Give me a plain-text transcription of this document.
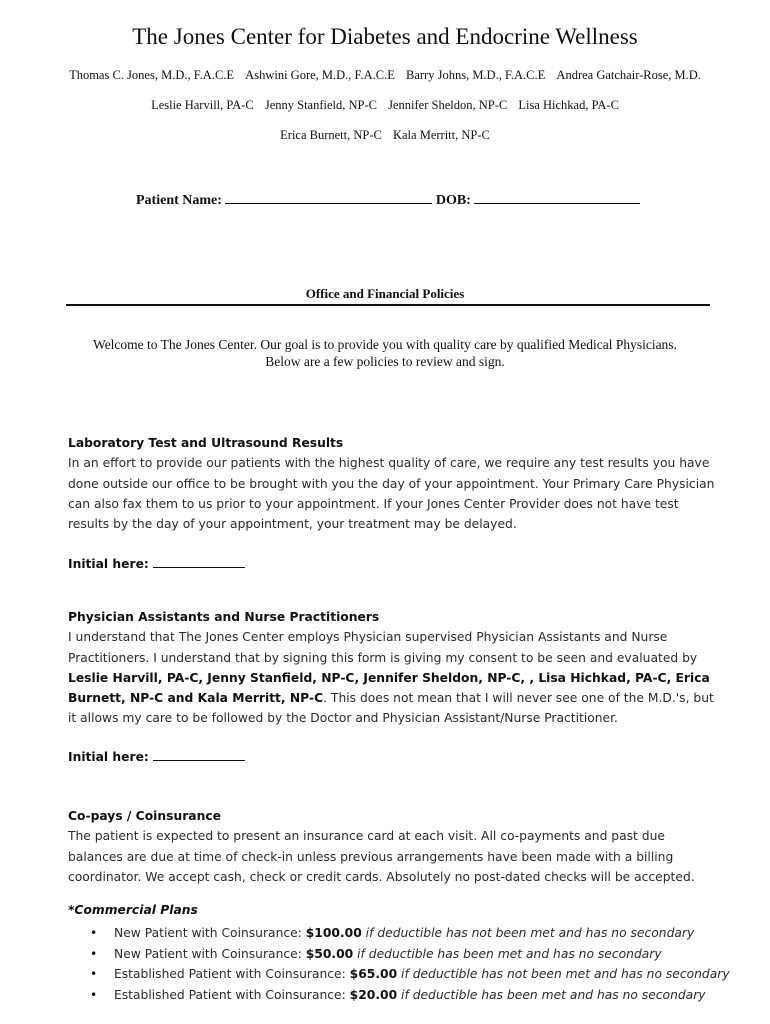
The Jones Center for Diabetes and Endocrine Wellness
Thomas C. Jones, M.D., F.A.C.E Ashwini Gore, M.D., F.A.C.E Barry Johns, M.D., F.A.C.E Andrea Gatchair-Rose, M.D.
Leslie Harvill, PA-C Jenny Stanfield, NP-C Jennifer Sheldon, NP-C Lisa Hichkad, PA-C
Erica Burnett, NP-C Kala Merritt, NP-C
Patient Name:	DOB:
Office and Financial Policies
Welcome to The Jones Center. Our goal is to provide you with quality care by qualified Medical Physicians.
Below are a few policies to review and sign.
Laboratory Test and Ultrasound Results

In an effort to provide our patients with the highest quality of care, we require any test results you have done outside our office to be brought with you the day of your appointment. Your Primary Care Physician can also fax them to us prior to your appointment. If your Jones Center Provider does not have test results by the day of your appointment, your treatment may be delayed.

Initial here:
Physician Assistants and Nurse Practitioners

I understand that The Jones Center employs Physician supervised Physician Assistants and Nurse Practitioners. I understand that by signing this form is giving my consent to be seen and evaluated by Leslie Harvill, PA-C, Jenny Stanfield, NP-C, Jennifer Sheldon, NP-C, , Lisa Hichkad, PA-C, Erica Burnett, NP-C and Kala Merritt, NP-C. This does not mean that I will never see one of the M.D.'s, but it allows my care to be followed by the Doctor and Physician Assistant/Nurse Practitioner.

Initial here:
Co-pays / Coinsurance

The patient is expected to present an insurance card at each visit. All co-payments and past due balances are due at time of check-in unless previous arrangements have been made with a billing coordinator. We accept cash, check or credit cards. Absolutely no post-dated checks will be accepted.

*Commercial Plans
• New Patient with Coinsurance: $100.00 if deductible has not been met and has no secondary
• New Patient with Coinsurance: $50.00 if deductible has been met and has no secondary
• Established Patient with Coinsurance: $65.00 if deductible has not been met and has no secondary
• Established Patient with Coinsurance: $20.00 if deductible has been met and has no secondary
